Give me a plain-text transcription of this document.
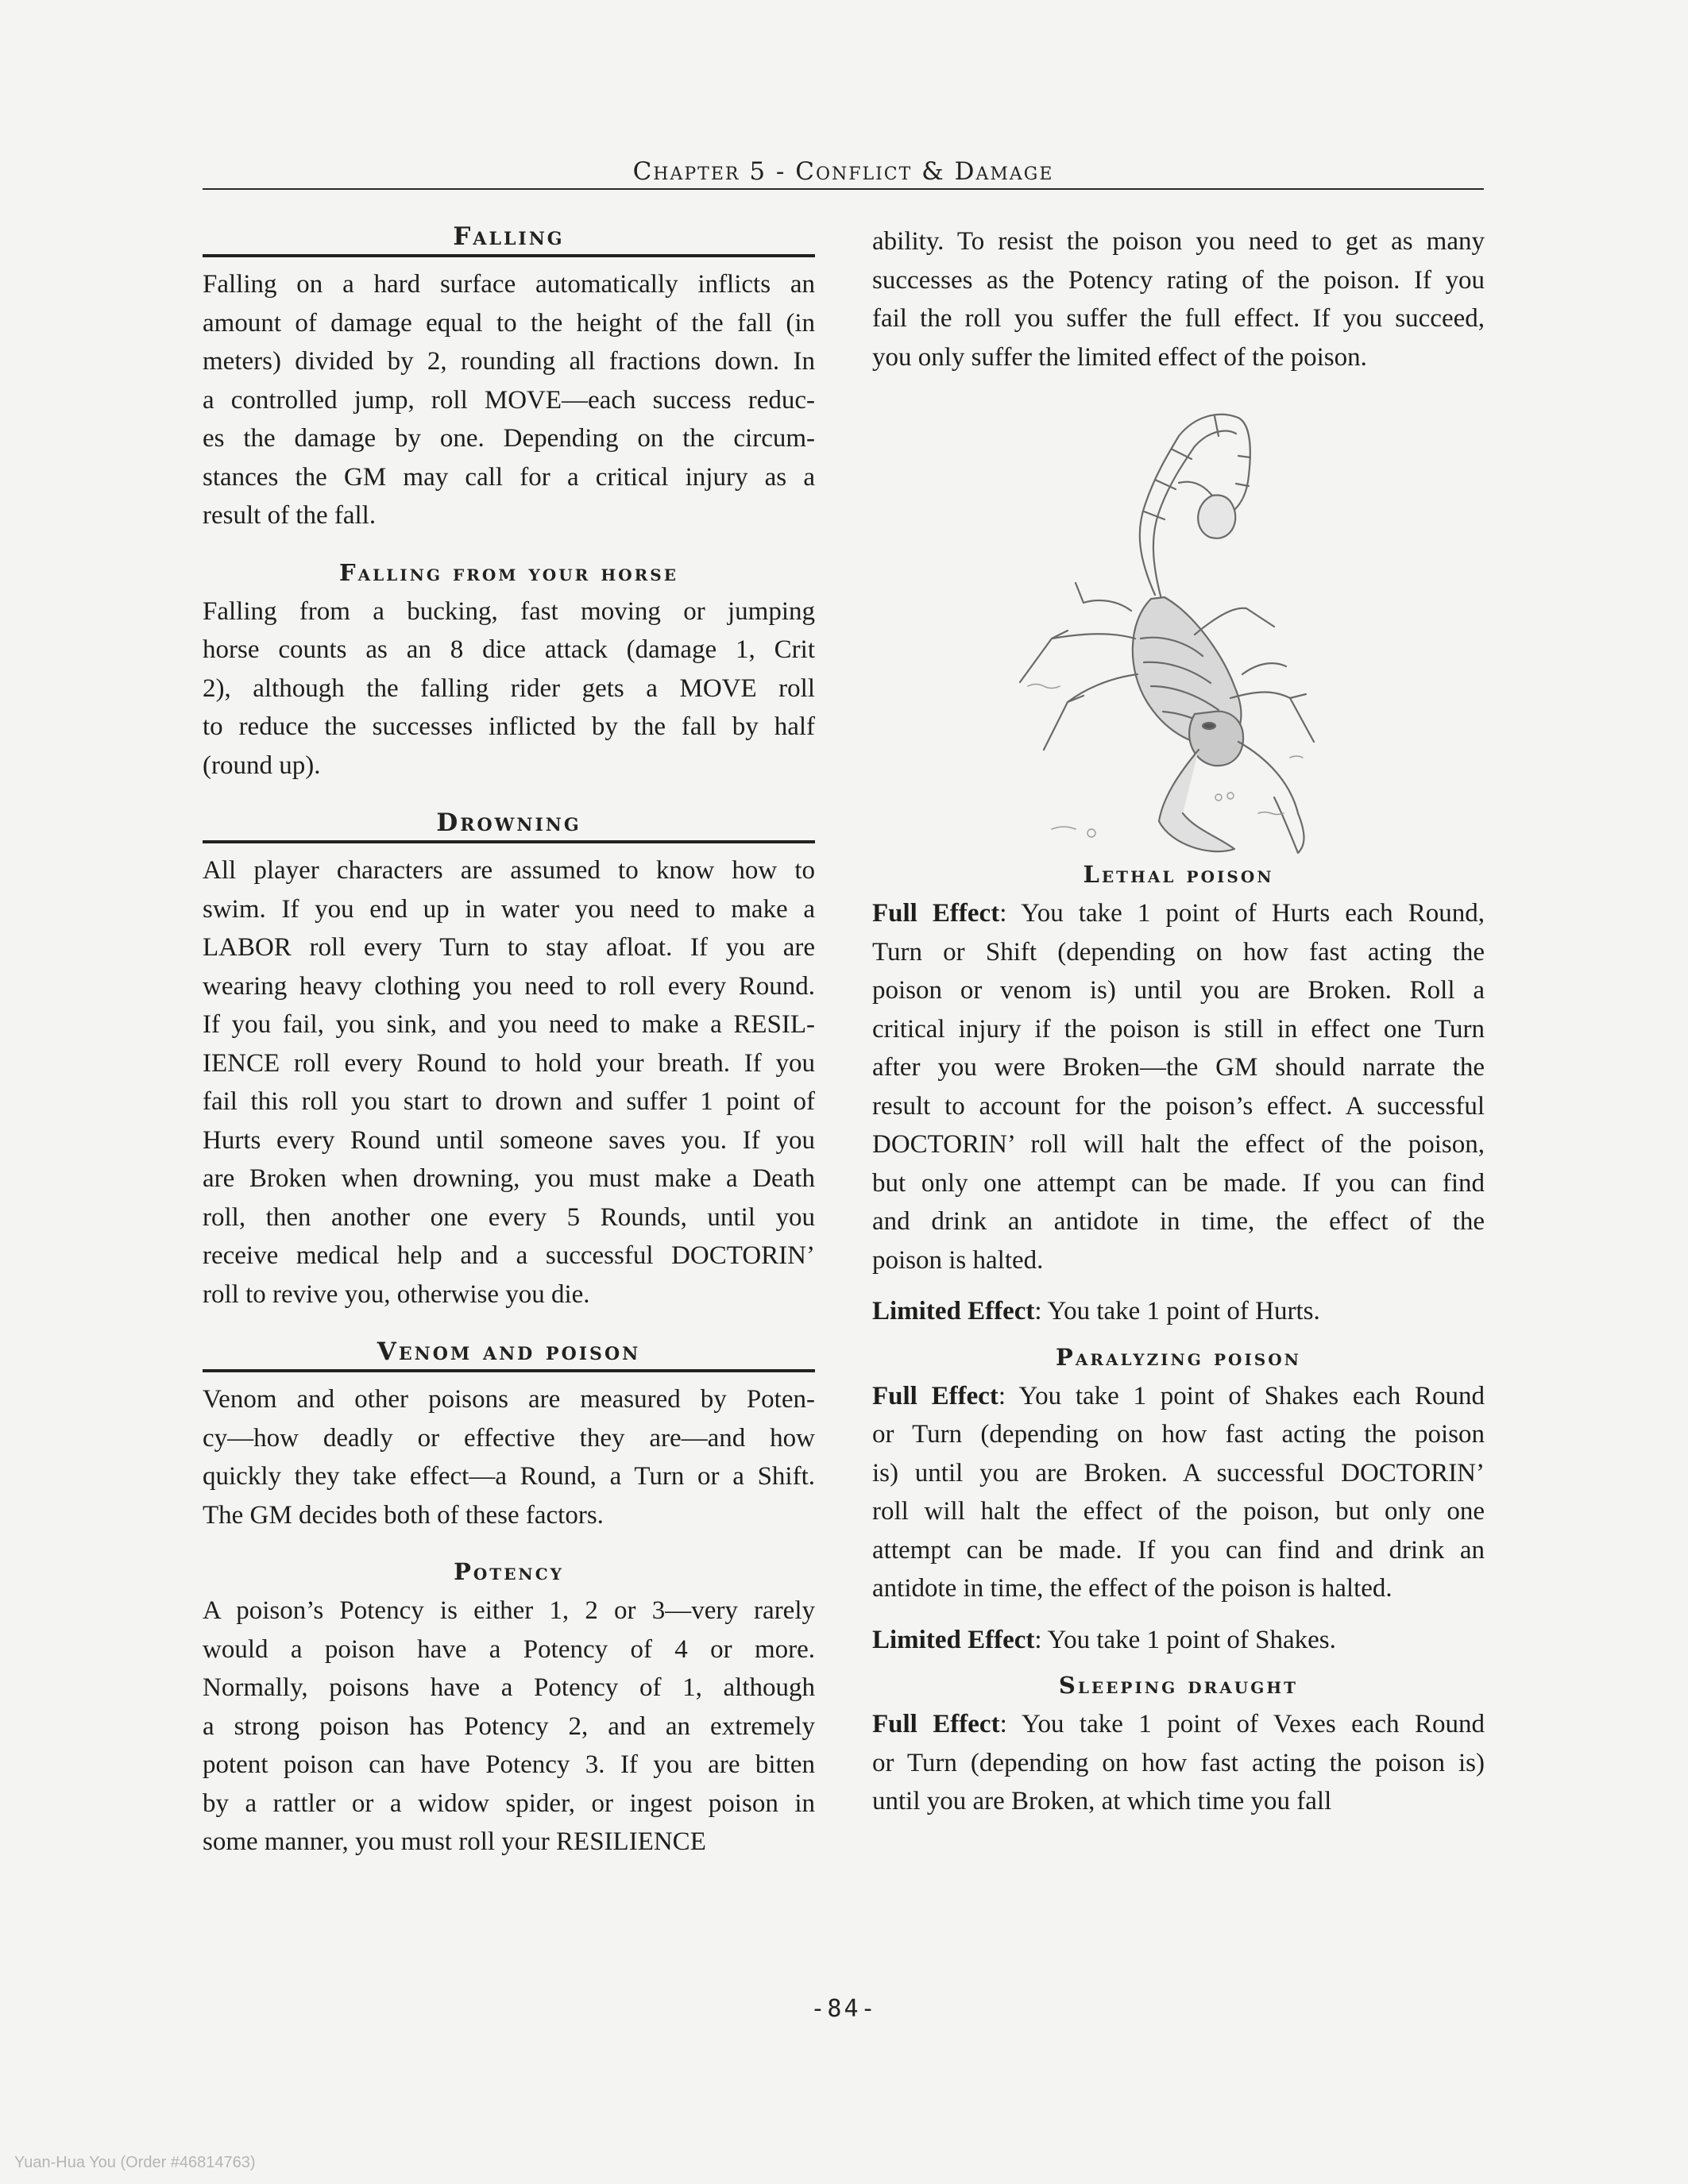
Chapter 5 - Conflict & Damage
Falling
Falling on a hard surface automatically inflicts an
amount of damage equal to the height of the fall (in
meters) divided by 2, rounding all fractions down. In
a controlled jump, roll MOVE—each success reduc-
es the damage by one. Depending on the circum-
stances the GM may call for a critical injury as a
result of the fall.
Falling from your horse
Falling from a bucking, fast moving or jumping
horse counts as an 8 dice attack (damage 1, Crit
2), although the falling rider gets a MOVE roll
to reduce the successes inflicted by the fall by half
(round up).
Drowning
All player characters are assumed to know how to
swim. If you end up in water you need to make a
LABOR roll every Turn to stay afloat. If you are
wearing heavy clothing you need to roll every Round.
If you fail, you sink, and you need to make a RESIL-
IENCE roll every Round to hold your breath. If you
fail this roll you start to drown and suffer 1 point of
Hurts every Round until someone saves you. If you
are Broken when drowning, you must make a Death
roll, then another one every 5 Rounds, until you
receive medical help and a successful DOCTORIN’
roll to revive you, otherwise you die.
Venom and poison
Venom and other poisons are measured by Poten-
cy—how deadly or effective they are—and how
quickly they take effect—a Round, a Turn or a Shift.
The GM decides both of these factors.
Potency
A poison’s Potency is either 1, 2 or 3—very rarely
would a poison have a Potency of 4 or more.
Normally, poisons have a Potency of 1, although
a strong poison has Potency 2, and an extremely
potent poison can have Potency 3. If you are bitten
by a rattler or a widow spider, or ingest poison in
some manner, you must roll your RESILIENCE
ability. To resist the poison you need to get as many
successes as the Potency rating of the poison. If you
fail the roll you suffer the full effect. If you succeed,
you only suffer the limited effect of the poison.
Lethal poison
Full Effect: You take 1 point of Hurts each Round,
Turn or Shift (depending on how fast acting the
poison or venom is) until you are Broken. Roll a
critical injury if the poison is still in effect one Turn
after you were Broken—the GM should narrate the
result to account for the poison’s effect. A successful
DOCTORIN’ roll will halt the effect of the poison,
but only one attempt can be made. If you can find
and drink an antidote in time, the effect of the
poison is halted.
Limited Effect: You take 1 point of Hurts.
Paralyzing poison
Full Effect: You take 1 point of Shakes each Round
or Turn (depending on how fast acting the poison
is) until you are Broken. A successful DOCTORIN’
roll will halt the effect of the poison, but only one
attempt can be made. If you can find and drink an
antidote in time, the effect of the poison is halted.
Limited Effect: You take 1 point of Shakes.
Sleeping draught
Full Effect: You take 1 point of Vexes each Round
or Turn (depending on how fast acting the poison is)
until you are Broken, at which time you fall
-84-
Yuan-Hua You (Order #46814763)
